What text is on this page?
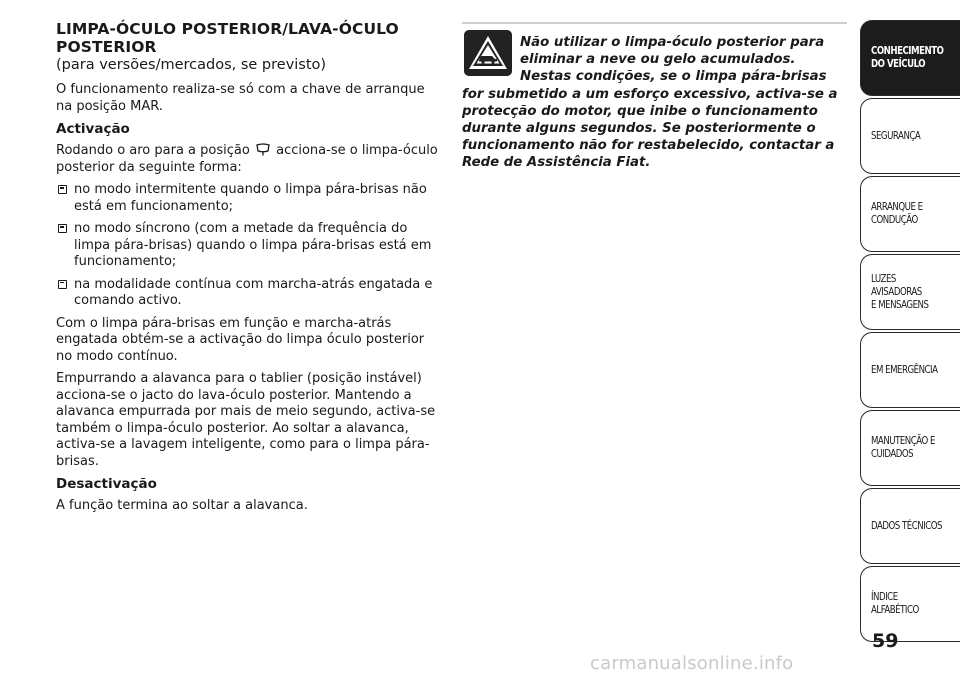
LIMPA-ÓCULO POSTERIOR/LAVA-ÓCULO
POSTERIOR
(para versões/mercados, se previsto)

O funcionamento realiza-se só com a chave de arranque na posição MAR.

Activação

Rodando o aro para a posição acciona-se o limpa-óculo posterior da seguinte forma:

no modo intermitente quando o limpa pára-brisas não está em funcionamento;
no modo síncrono (com a metade da frequência do limpa pára-brisas) quando o limpa pára-brisas está em funcionamento;
na modalidade contínua com marcha-atrás engatada e comando activo.

Com o limpa pára-brisas em função e marcha-atrás engatada obtém-se a activação do limpa óculo posterior no modo contínuo.

Empurrando a alavanca para o tablier (posição instável) acciona-se o jacto do lava-óculo posterior. Mantendo a alavanca empurrada por mais de meio segundo, activa-se também o limpa-óculo posterior. Ao soltar a alavanca, activa-se a lavagem inteligente, como para o limpa pára-brisas.

Desactivação

A função termina ao soltar a alavanca.

Não utilizar o limpa-óculo posterior para
eliminar a neve ou gelo acumulados.
Nestas condições, se o limpa pára-brisas
for submetido a um esforço excessivo, activa-se a protecção do motor, que inibe o funcionamento durante alguns segundos. Se posteriormente o funcionamento não for restabelecido, contactar a Rede de Assistência Fiat.
CONHECIMENTO
DO VEÍCULO
SEGURANÇA
ARRANQUE E
CONDUÇÃO
LUZES AVISADORAS
E MENSAGENS
EM EMERGÊNCIA
MANUTENÇÃO E
CUIDADOS
DADOS TÉCNICOS
ÍNDICE ALFABÉTICO
59
carmanualsonline.info
